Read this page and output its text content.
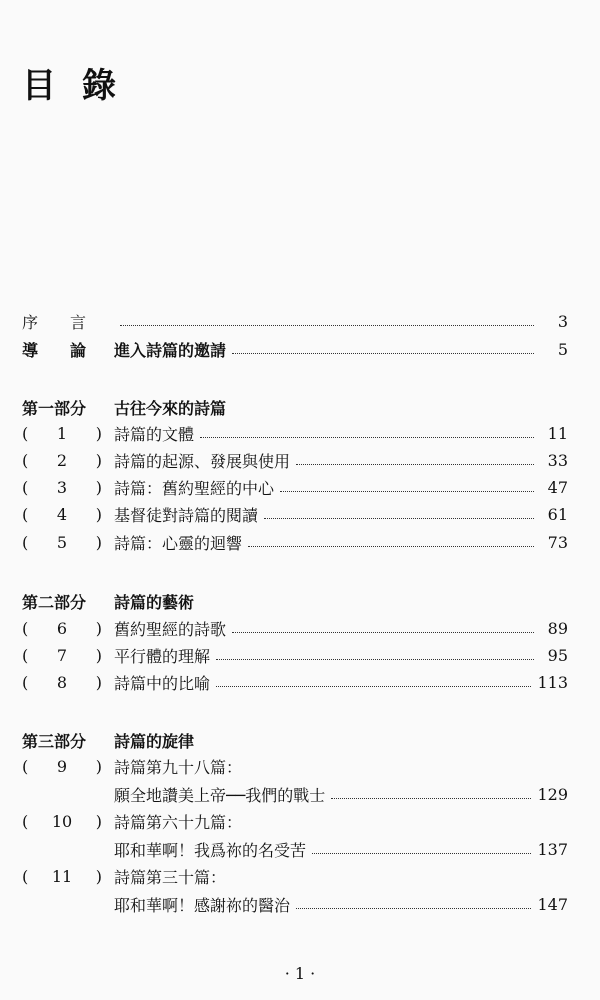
目錄
序　　言	3
導　　論	進入詩篇的邀請	5
第一部分	古往今來的詩篇
( 1 ) 詩篇的文體	11
( 2 ) 詩篇的起源、發展與使用	33
( 3 ) 詩篇：舊約聖經的中心	47
( 4 ) 基督徒對詩篇的閱讀	61
( 5 ) 詩篇：心靈的迴響	73
第二部分	詩篇的藝術
( 6 ) 舊約聖經的詩歌	89
( 7 ) 平行體的理解	95
( 8 ) 詩篇中的比喻	113
第三部分	詩篇的旋律
( 9 ) 詩篇第九十八篇：
願全地讚美上帝──我們的戰士	129
( 10 ) 詩篇第六十九篇：
耶和華啊！我爲祢的名受苦	137
( 11 ) 詩篇第三十篇：
耶和華啊！感謝祢的醫治	147
· 1 ·
